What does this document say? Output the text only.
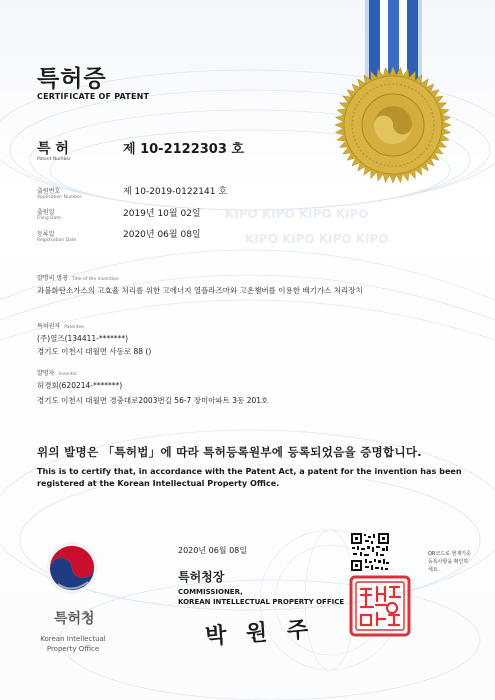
KIPO KIPO KIPO KIPO
KIPO KIPO KIPO KIPO
특허증
CERTIFICATE OF PATENT
특 허
Patent Number
제 10-2122303 호
출원번호
Application Number
제 10-2019-0122141 호
출원일
Filing Date	2019년 10월 02일
등록일
Registration Date
2020년 06월 08일
발명의 명칭 Title of the Invention
과불화탄소가스의 고효율 처리를 위한 고에너지 열플라즈마와 고온챔버를 이용한 배기가스 처리장치
특허권자 Patentee
(주)열즈(134411-*******)
경기도 이천시 대월면 사동로 88 ()
발명자 Inventor
허경회(620214-*******)
경기도 이천시 대월면 경충대로2003번길 56-7 장미아파트 3동 201호
위의 발명은 「특허법」에 따라 특허등록원부에 등록되었음을 증명합니다.
This is to certify that, in accordance with the Patent Act, a patent for the invention has been registered at the Korean Intellectual Property Office.
특허청
Korean Intellectual Property Office
2020년 06월 08일	QR코드로 현재기준 등록사항을 확인하세요.
특허청장
COMMISSIONER,
KOREAN INTELLECTUAL PROPERTY OFFICE
박 원 주
